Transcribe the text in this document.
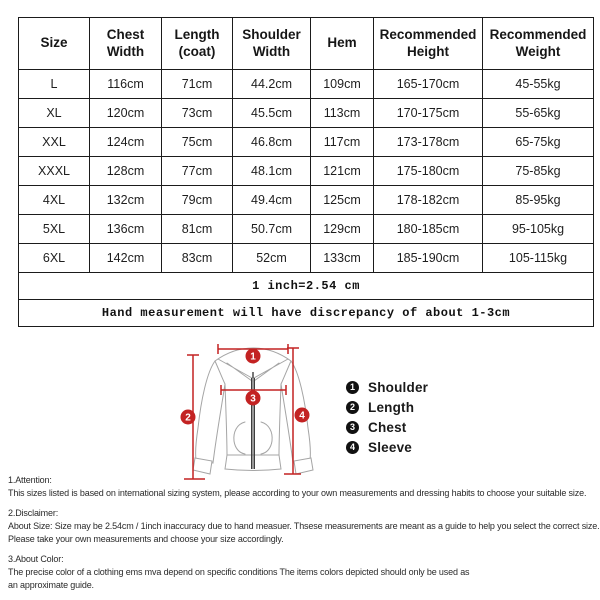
Size	Chest Width	Length (coat)	Shoulder Width	Hem	Recommended Height	Recommended Weight
L	116cm	71cm	44.2cm	109cm	165-170cm	45-55kg
XL	120cm	73cm	45.5cm	113cm	170-175cm	55-65kg
XXL	124cm	75cm	46.8cm	117cm	173-178cm	65-75kg
XXXL	128cm	77cm	48.1cm	121cm	175-180cm	75-85kg
4XL	132cm	79cm	49.4cm	125cm	178-182cm	85-95kg
5XL	136cm	81cm	50.7cm	129cm	180-185cm	95-105kg
6XL	142cm	83cm	52cm	133cm	185-190cm	105-115kg
1 inch=2.54 cm						
Hand measurement will have discrepancy of about 1-3cm						
1
2
3
4
1 Shoulder
2 Length
3 Chest
4 Sleeve
1.Attention:
This sizes listed is based on international sizing system, please according to your own measurements and dressing habits to choose your suitable size.
2.Disclaimer:
About Size: Size may be 2.54cm / 1inch inaccuracy due to hand measuer. Thsese measurements are meant as a guide to help you select the correct size.
Please take your own measurements and choose your size accordingly.
3.About Color:
The precise color of a clothing ems mva depend on specific conditions The items colors depicted should only be used as
an approximate guide.
